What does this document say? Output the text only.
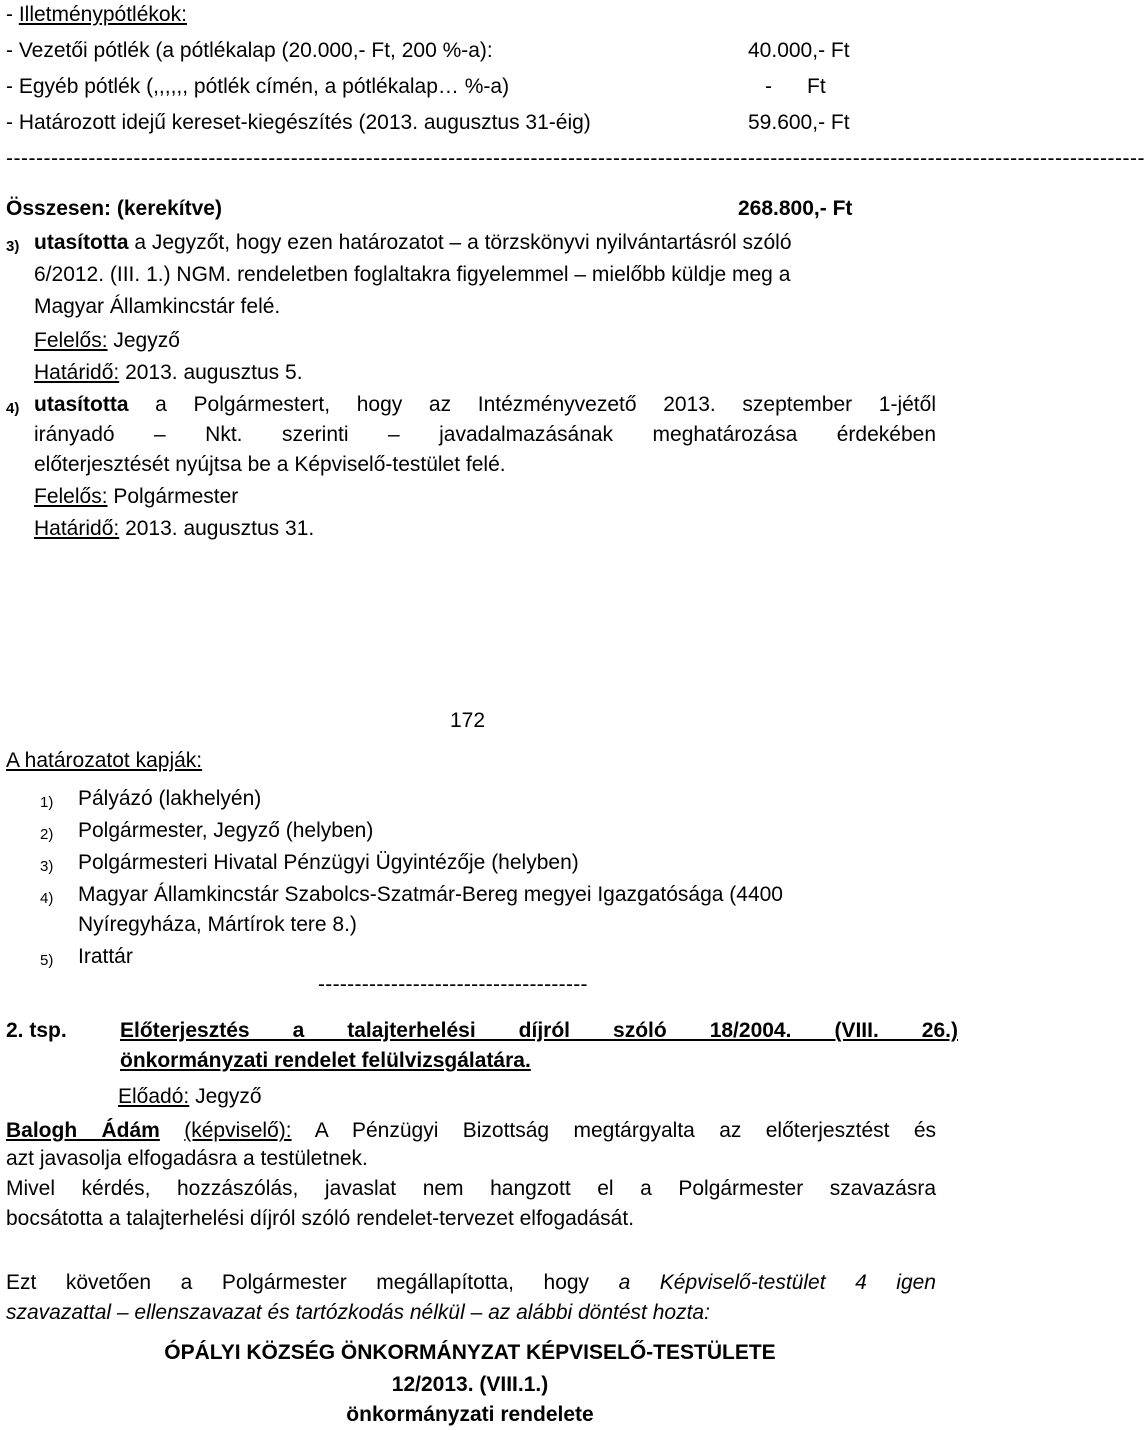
- Illetménypótlékok:
- Vezetői pótlék (a pótlékalap (20.000,- Ft, 200 %-a):	40.000,- Ft
- Egyéb pótlék (,,,,,, pótlék címén, a pótlékalap… %-a)	-      Ft
- Határozott idejű kereset-kiegészítés (2013. augusztus 31-éig)	59.600,- Ft
--------------------------------------------------------------------------------------------------------------------------------------------------------
Összesen: (kerekítve)	268.800,- Ft
3) utasította a Jegyzőt, hogy ezen határozatot – a törzskönyvi nyilvántartásról szóló
6/2012. (III. 1.) NGM. rendeletben foglaltakra figyelemmel – mielőbb küldje meg a
Magyar Államkincstár felé.
Felelős: Jegyző
Határidő: 2013. augusztus 5.
4) utasította a Polgármestert, hogy az Intézményvezető 2013. szeptember 1-jétől
irányadó – Nkt. szerinti – javadalmazásának meghatározása érdekében
előterjesztését nyújtsa be a Képviselő-testület felé.
Felelős: Polgármester
Határidő: 2013. augusztus 31.
172
A határozatot kapják:
1) Pályázó (lakhelyén)
2) Polgármester, Jegyző (helyben)
3) Polgármesteri Hivatal Pénzügyi Ügyintézője (helyben)
4) Magyar Államkincstár Szabolcs-Szatmár-Bereg megyei Igazgatósága (4400
Nyíregyháza, Mártírok tere 8.)
5) Irattár
-------------------------------------
2. tsp.	Előterjesztés a talajterhelési díjról szóló 18/2004. (VIII. 26.)
önkormányzati rendelet felülvizsgálatára.
Előadó: Jegyző
Balogh Ádám (képviselő): A Pénzügyi Bizottság megtárgyalta az előterjesztést és
azt javasolja elfogadásra a testületnek.
Mivel kérdés, hozzászólás, javaslat nem hangzott el a Polgármester szavazásra
bocsátotta a talajterhelési díjról szóló rendelet-tervezet elfogadását.
Ezt követően a Polgármester megállapította, hogy a Képviselő-testület 4 igen
szavazattal – ellenszavazat és tartózkodás nélkül – az alábbi döntést hozta:
ÓPÁLYI KÖZSÉG ÖNKORMÁNYZAT KÉPVISELŐ-TESTÜLETE
12/2013. (VIII.1.)
önkormányzati rendelete
